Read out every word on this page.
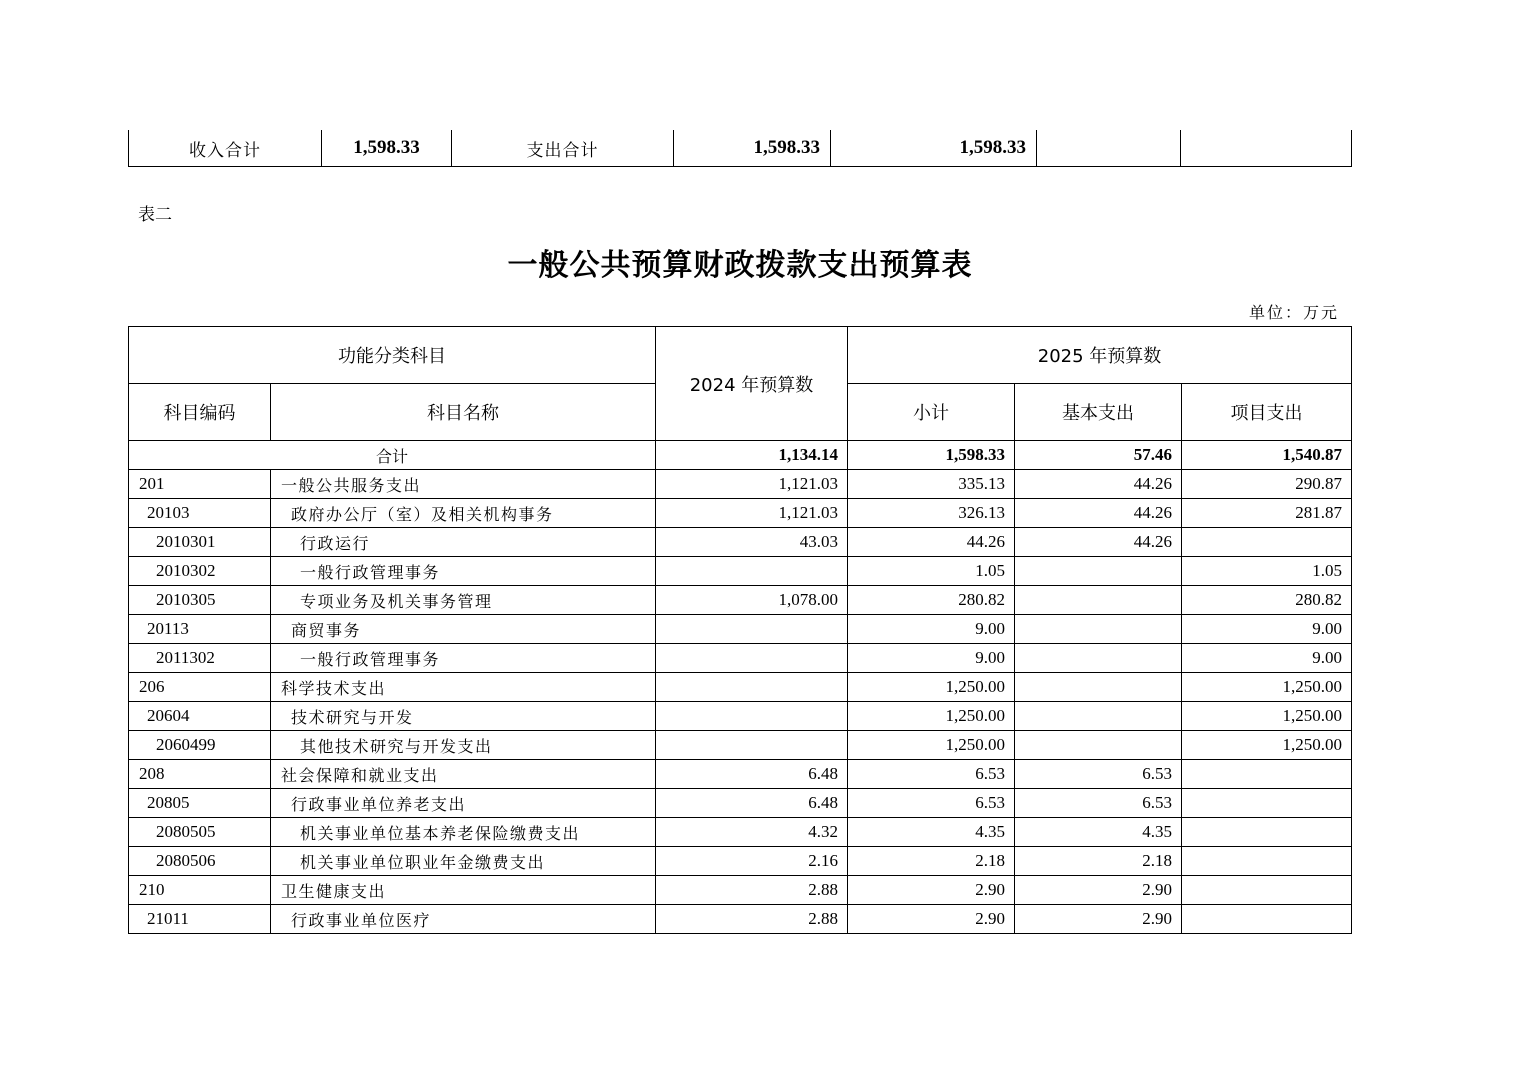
收入合计	1,598.33	支出合计	1,598.33	1,598.33		
表二
一般公共预算财政拨款支出预算表
单位：万元
功能分类科目		2024 年预算数	2025 年预算数		
科目编码	科目名称		小计	基本支出	项目支出
合计		1,134.14	1,598.33	57.46	1,540.87
201	一般公共服务支出	1,121.03	335.13	44.26	290.87
20103	政府办公厅（室）及相关机构事务	1,121.03	326.13	44.26	281.87
2010301	行政运行	43.03	44.26	44.26	
2010302	一般行政管理事务		1.05		1.05
2010305	专项业务及机关事务管理	1,078.00	280.82		280.82
20113	商贸事务		9.00		9.00
2011302	一般行政管理事务		9.00		9.00
206	科学技术支出		1,250.00		1,250.00
20604	技术研究与开发		1,250.00		1,250.00
2060499	其他技术研究与开发支出		1,250.00		1,250.00
208	社会保障和就业支出	6.48	6.53	6.53	
20805	行政事业单位养老支出	6.48	6.53	6.53	
2080505	机关事业单位基本养老保险缴费支出	4.32	4.35	4.35	
2080506	机关事业单位职业年金缴费支出	2.16	2.18	2.18	
210	卫生健康支出	2.88	2.90	2.90	
21011	行政事业单位医疗	2.88	2.90	2.90	
